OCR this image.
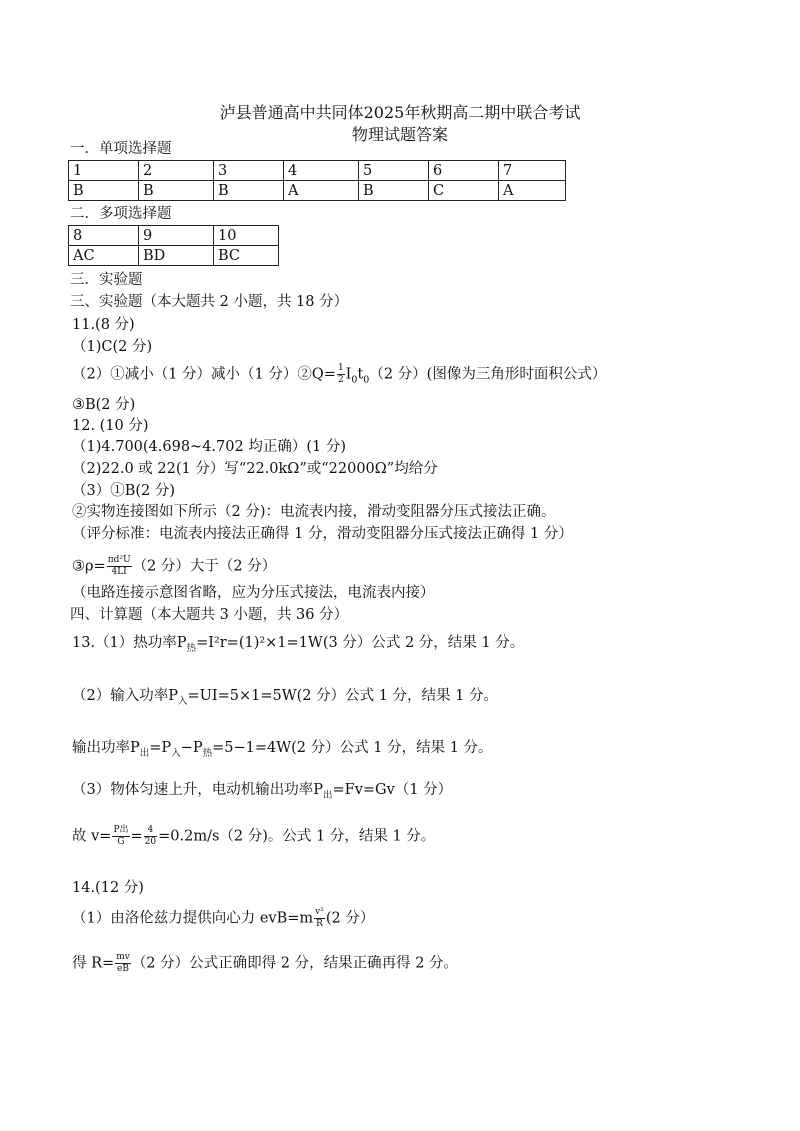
泸县普通高中共同体2025年秋期高二期中联合考试
物理试题答案
一．单项选择题
1	2	3	4	5	6	7
B	B	B	A	B	C	A
二．多项选择题
8	9	10
AC	BD	BC
三．实验题
三、实验题（本大题共 2 小题，共 18 分）
11.(8 分)
（1)C(2 分)
（2）①减小（1 分）减小（1 分）②Q= $\frac{1}{2} I_0t_0(2$ 分）(图像为三角形时面积公式）
③B(2 分)
12. (10 分)
（1)4.700(4.698~4.702 均正确）(1 分)
（2)22.0 或 22(1 分）写“22.0kΩ”或“22000Ω”均给分
（3）①B(2 分)
②实物连接图如下所示（2 分)：电流表内接，滑动变阻器分压式接法正确。
（评分标准：电流表内接法正确得 1 分，滑动变阻器分压式接法正确得 1 分）
③ρ= $\frac{\text{πd²U}}{4LI} (2$ 分）大于（2 分）
（电路连接示意图省略，应为分压式接法，电流表内接）
四、计算题（本大题共 3 小题，共 36 分）
13.（1）热功率$P_热=I^2r=(1)^2\times 1=1W(3$ 分）公式 2 分，结果 1 分。
（2）输入功率$P_入=UI=5\times 1=5W(2$ 分）公式 1 分，结果 1 分。
输出功率$P_出=P_入-P_热=5-1=4W(2$ 分）公式 1 分，结果 1 分。
（3）物体匀速上升，电动机输出功率$P_出=Fv=Gv(1$ 分）
故 $v= \frac{\text{P出}}{G} = \frac{4}{20} =0.2m/s(2$ 分)。公式 1 分，结果 1 分。
14.(12 分)
（1）由洛伦兹力提供向心力 $evB=m \frac{\text{v²}}{R} (2$ 分）
得 $R= \frac{mv}{eB} (2$ 分）公式正确即得 2 分，结果正确再得 2 分。
